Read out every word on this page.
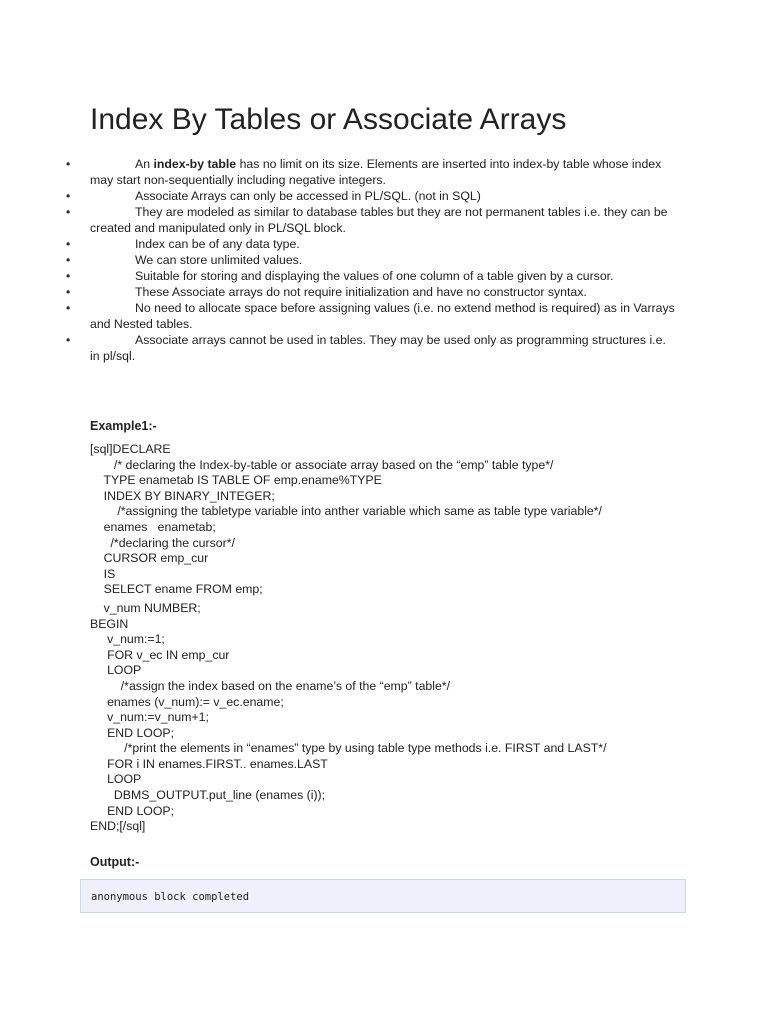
Index By Tables or Associate Arrays
•	An index-by table has no limit on its size. Elements are inserted into index-by table whose index may start non-sequentially including negative integers.
•	Associate Arrays can only be accessed in PL/SQL. (not in SQL)
•	They are modeled as similar to database tables but they are not permanent tables i.e. they can be created and manipulated only in PL/SQL block.
•	Index can be of any data type.
•	We can store unlimited values.
•	Suitable for storing and displaying the values of one column of a table given by a cursor.
•	These Associate arrays do not require initialization and have no constructor syntax.
•	No need to allocate space before assigning values (i.e. no extend method is required) as in Varrays and Nested tables.
•	Associate arrays cannot be used in tables. They may be used only as programming structures i.e. in pl/sql.

Example1:-

[sql]DECLARE
/* declaring the Index-by-table or associate array based on the “emp” table type*/
TYPE enametab IS TABLE OF emp.ename%TYPE
INDEX BY BINARY_INTEGER;
/*assigning the tabletype variable into anther variable which same as table type variable*/
enames   enametab;
/*declaring the cursor*/
CURSOR emp_cur
IS
SELECT ename FROM emp;
v_num NUMBER;
BEGIN
v_num:=1;
FOR v_ec IN emp_cur
LOOP
/*assign the index based on the ename’s of the “emp” table*/
enames (v_num):= v_ec.ename;
v_num:=v_num+1;
END LOOP;
/*print the elements in “enames” type by using table type methods i.e. FIRST and LAST*/
FOR i IN enames.FIRST.. enames.LAST
LOOP
DBMS_OUTPUT.put_line (enames (i));
END LOOP;
END;[/sql]

Output:-

anonymous block completed
